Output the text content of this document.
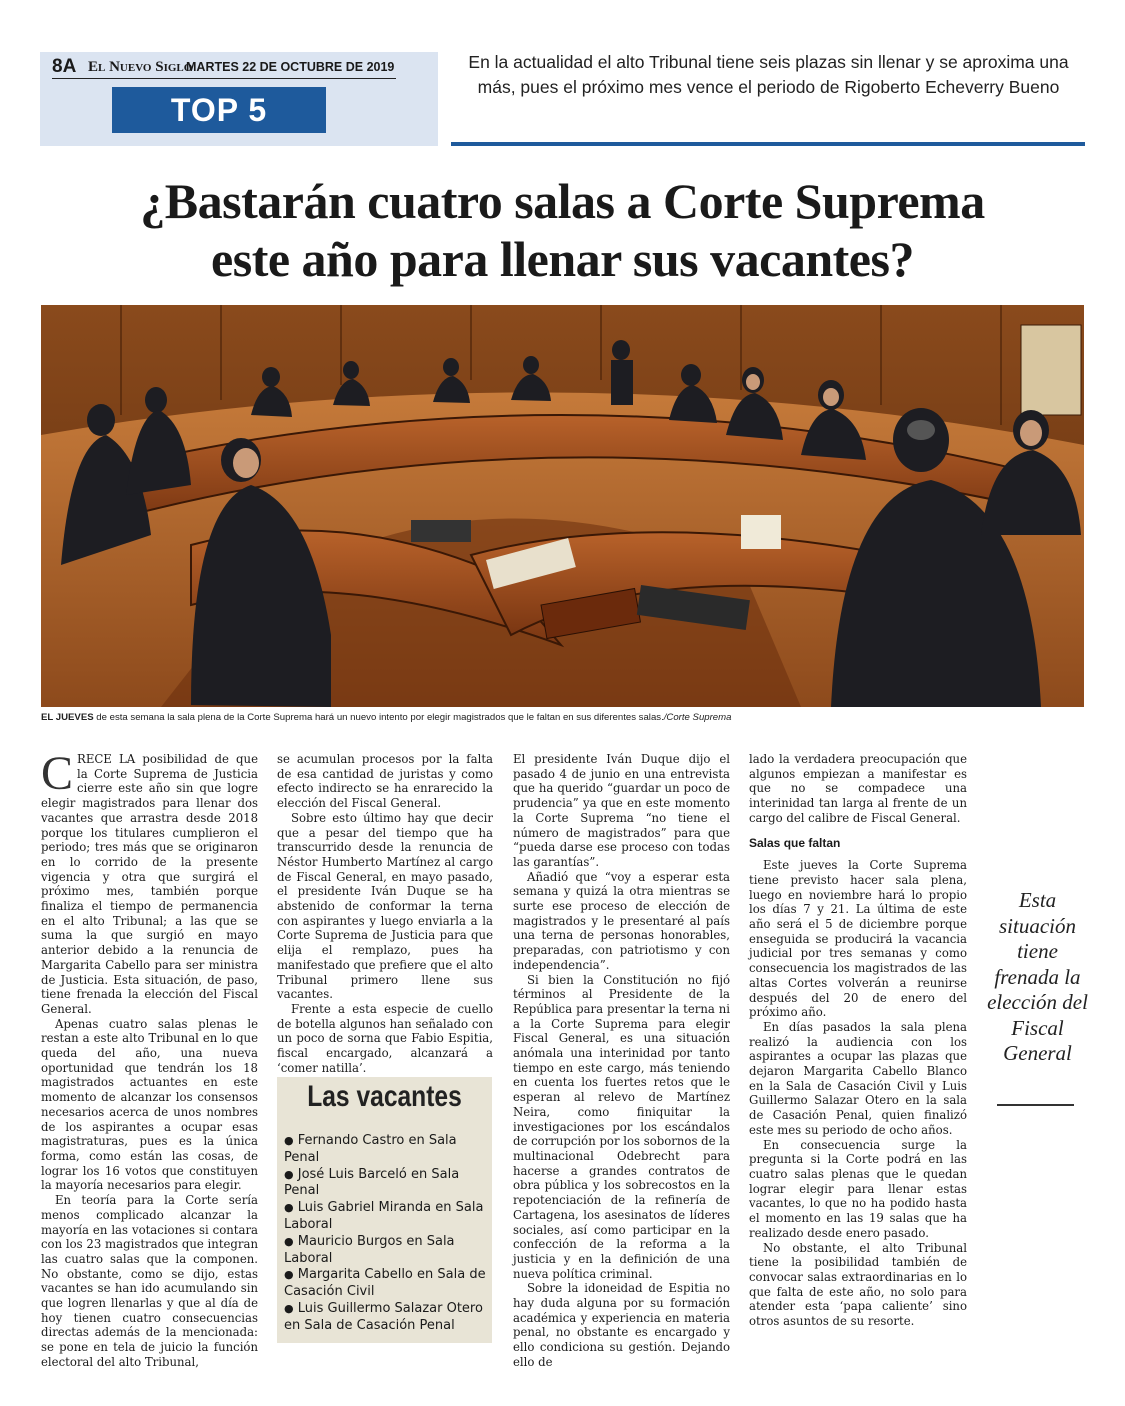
8A El Nuevo Siglo
MARTES 22 DE OCTUBRE DE 2019
TOP 5
En la actualidad el alto Tribunal tiene seis plazas sin llenar y se aproxima una más, pues el próximo mes vence el periodo de Rigoberto Echeverry Bueno
¿Bastarán cuatro salas a Corte Suprema
este año para llenar sus vacantes?
EL JUEVES de esta semana la sala plena de la Corte Suprema hará un nuevo intento por elegir magistrados que le faltan en sus diferentes salas./Corte Suprema

CRECE LA posibilidad de que la Corte Suprema de Justicia cierre este año sin que logre elegir magistrados para llenar dos vacantes que arrastra desde 2018 porque los titulares cumplieron el periodo; tres más que se originaron en lo corrido de la presente vigencia y otra que surgirá el próximo mes, también porque finaliza el tiempo de permanencia en el alto Tribunal; a las que se suma la que surgió en mayo anterior debido a la renuncia de Margarita Cabello para ser ministra de Justicia. Esta situación, de paso, tiene frenada la elección del Fiscal General.

Apenas cuatro salas plenas le restan a este alto Tribunal en lo que queda del año, una nueva oportunidad que tendrán los 18 magistrados actuantes en este momento de alcanzar los consensos necesarios acerca de unos nombres de los aspirantes a ocupar esas magistraturas, pues es la única forma, como están las cosas, de lograr los 16 votos que constituyen la mayoría necesarios para elegir.

En teoría para la Corte sería menos complicado alcanzar la mayoría en las votaciones si contara con los 23 magistrados que integran las cuatro salas que la componen. No obstante, como se dijo, estas vacantes se han ido acumulando sin que logren llenarlas y que al día de hoy tienen cuatro consecuencias directas además de la mencionada: se pone en tela de juicio la función electoral del alto Tribunal,

se acumulan procesos por la falta de esa cantidad de juristas y como efecto indirecto se ha enrarecido la elección del Fiscal General.

Sobre esto último hay que decir que a pesar del tiempo que ha transcurrido desde la renuncia de Néstor Humberto Martínez al cargo de Fiscal General, en mayo pasado, el presidente Iván Duque se ha abstenido de conformar la terna con aspirantes y luego enviarla a la Corte Suprema de Justicia para que elija el remplazo, pues ha manifestado que prefiere que el alto Tribunal primero llene sus vacantes.

Frente a esta especie de cuello de botella algunos han señalado con un poco de sorna que Fabio Espitia, fiscal encargado, alcanzará a ‘comer natilla’.

Las vacantes
● Fernando Castro en Sala Penal
● José Luis Barceló en Sala Penal
● Luis Gabriel Miranda en Sala Laboral
● Mauricio Burgos en Sala Laboral
● Margarita Cabello en Sala de Casación Civil
● Luis Guillermo Salazar Otero en Sala de Casación Penal

El presidente Iván Duque dijo el pasado 4 de junio en una entrevista que ha querido “guardar un poco de prudencia” ya que en este momento la Corte Suprema “no tiene el número de magistrados” para que “pueda darse ese proceso con todas las garantías”.

Añadió que “voy a esperar esta semana y quizá la otra mientras se surte ese proceso de elección de magistrados y le presentaré al país una terna de personas honorables, preparadas, con patriotismo y con independencia”.

Si bien la Constitución no fijó términos al Presidente de la República para presentar la terna ni a la Corte Suprema para elegir Fiscal General, es una situación anómala una interinidad por tanto tiempo en este cargo, más teniendo en cuenta los fuertes retos que le esperan al relevo de Martínez Neira, como finiquitar la investigaciones por los escándalos de corrupción por los sobornos de la multinacional Odebrecht para hacerse a grandes contratos de obra pública y los sobrecostos en la repotenciación de la refinería de Cartagena, los asesinatos de líderes sociales, así como participar en la confección de la reforma a la justicia y en la definición de una nueva política criminal.

Sobre la idoneidad de Espitia no hay duda alguna por su formación académica y experiencia en materia penal, no obstante es encargado y ello condiciona su gestión. Dejando ello de

lado la verdadera preocupación que algunos empiezan a manifestar es que no se compadece una interinidad tan larga al frente de un cargo del calibre de Fiscal General.

Salas que faltan

Este jueves la Corte Suprema tiene previsto hacer sala plena, luego en noviembre hará lo propio los días 7 y 21. La última de este año será el 5 de diciembre porque enseguida se producirá la vacancia judicial por tres semanas y como consecuencia los magistrados de las altas Cortes volverán a reunirse después del 20 de enero del próximo año.

En días pasados la sala plena realizó la audiencia con los aspirantes a ocupar las plazas que dejaron Margarita Cabello Blanco en la Sala de Casación Civil y Luis Guillermo Salazar Otero en la sala de Casación Penal, quien finalizó este mes su periodo de ocho años.

En consecuencia surge la pregunta si la Corte podrá en las cuatro salas plenas que le quedan lograr elegir para llenar estas vacantes, lo que no ha podido hasta el momento en las 19 salas que ha realizado desde enero pasado.

No obstante, el alto Tribunal tiene la posibilidad también de convocar salas extraordinarias en lo que falta de este año, no solo para atender esta ‘papa caliente’ sino otros asuntos de su resorte.

Esta situación tiene frenada la elección del Fiscal General
